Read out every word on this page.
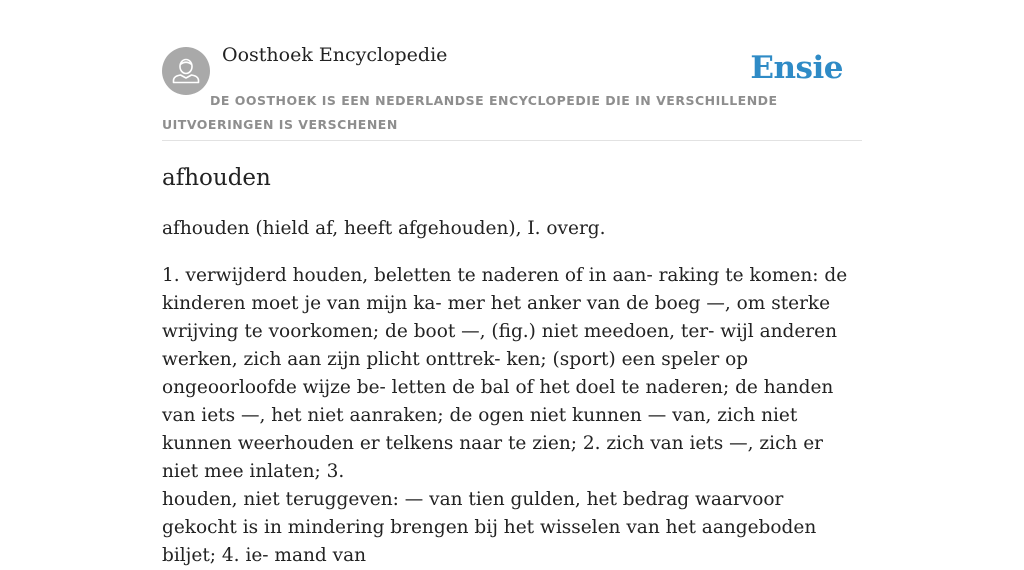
Oosthoek Encyclopedie	Ensie
DE OOSTHOEK IS EEN NEDERLANDSE ENCYCLOPEDIE DIE IN VERSCHILLENDE UITVOERINGEN IS VERSCHENEN
afhouden

afhouden (hield af, heeft afgehouden), I. overg.

1. verwijderd houden, beletten te naderen of in aan- raking te komen: de kinderen moet je van mijn ka- mer het anker van de boeg —, om sterke wrijving te voorkomen; de boot —, (fig.) niet meedoen, ter- wijl anderen werken, zich aan zijn plicht onttrek- ken; (sport) een speler op ongeoorloofde wijze be- letten de bal of het doel te naderen; de handen van iets —, het niet aanraken; de ogen niet kunnen — van, zich niet kunnen weerhouden er telkens naar te zien; 2. zich van iets —, zich er niet mee inlaten; 3.

houden, niet teruggeven: — van tien gulden, het bedrag waarvoor gekocht is in mindering brengen bij het wisselen van het aangeboden biljet; 4. ie- mand van
